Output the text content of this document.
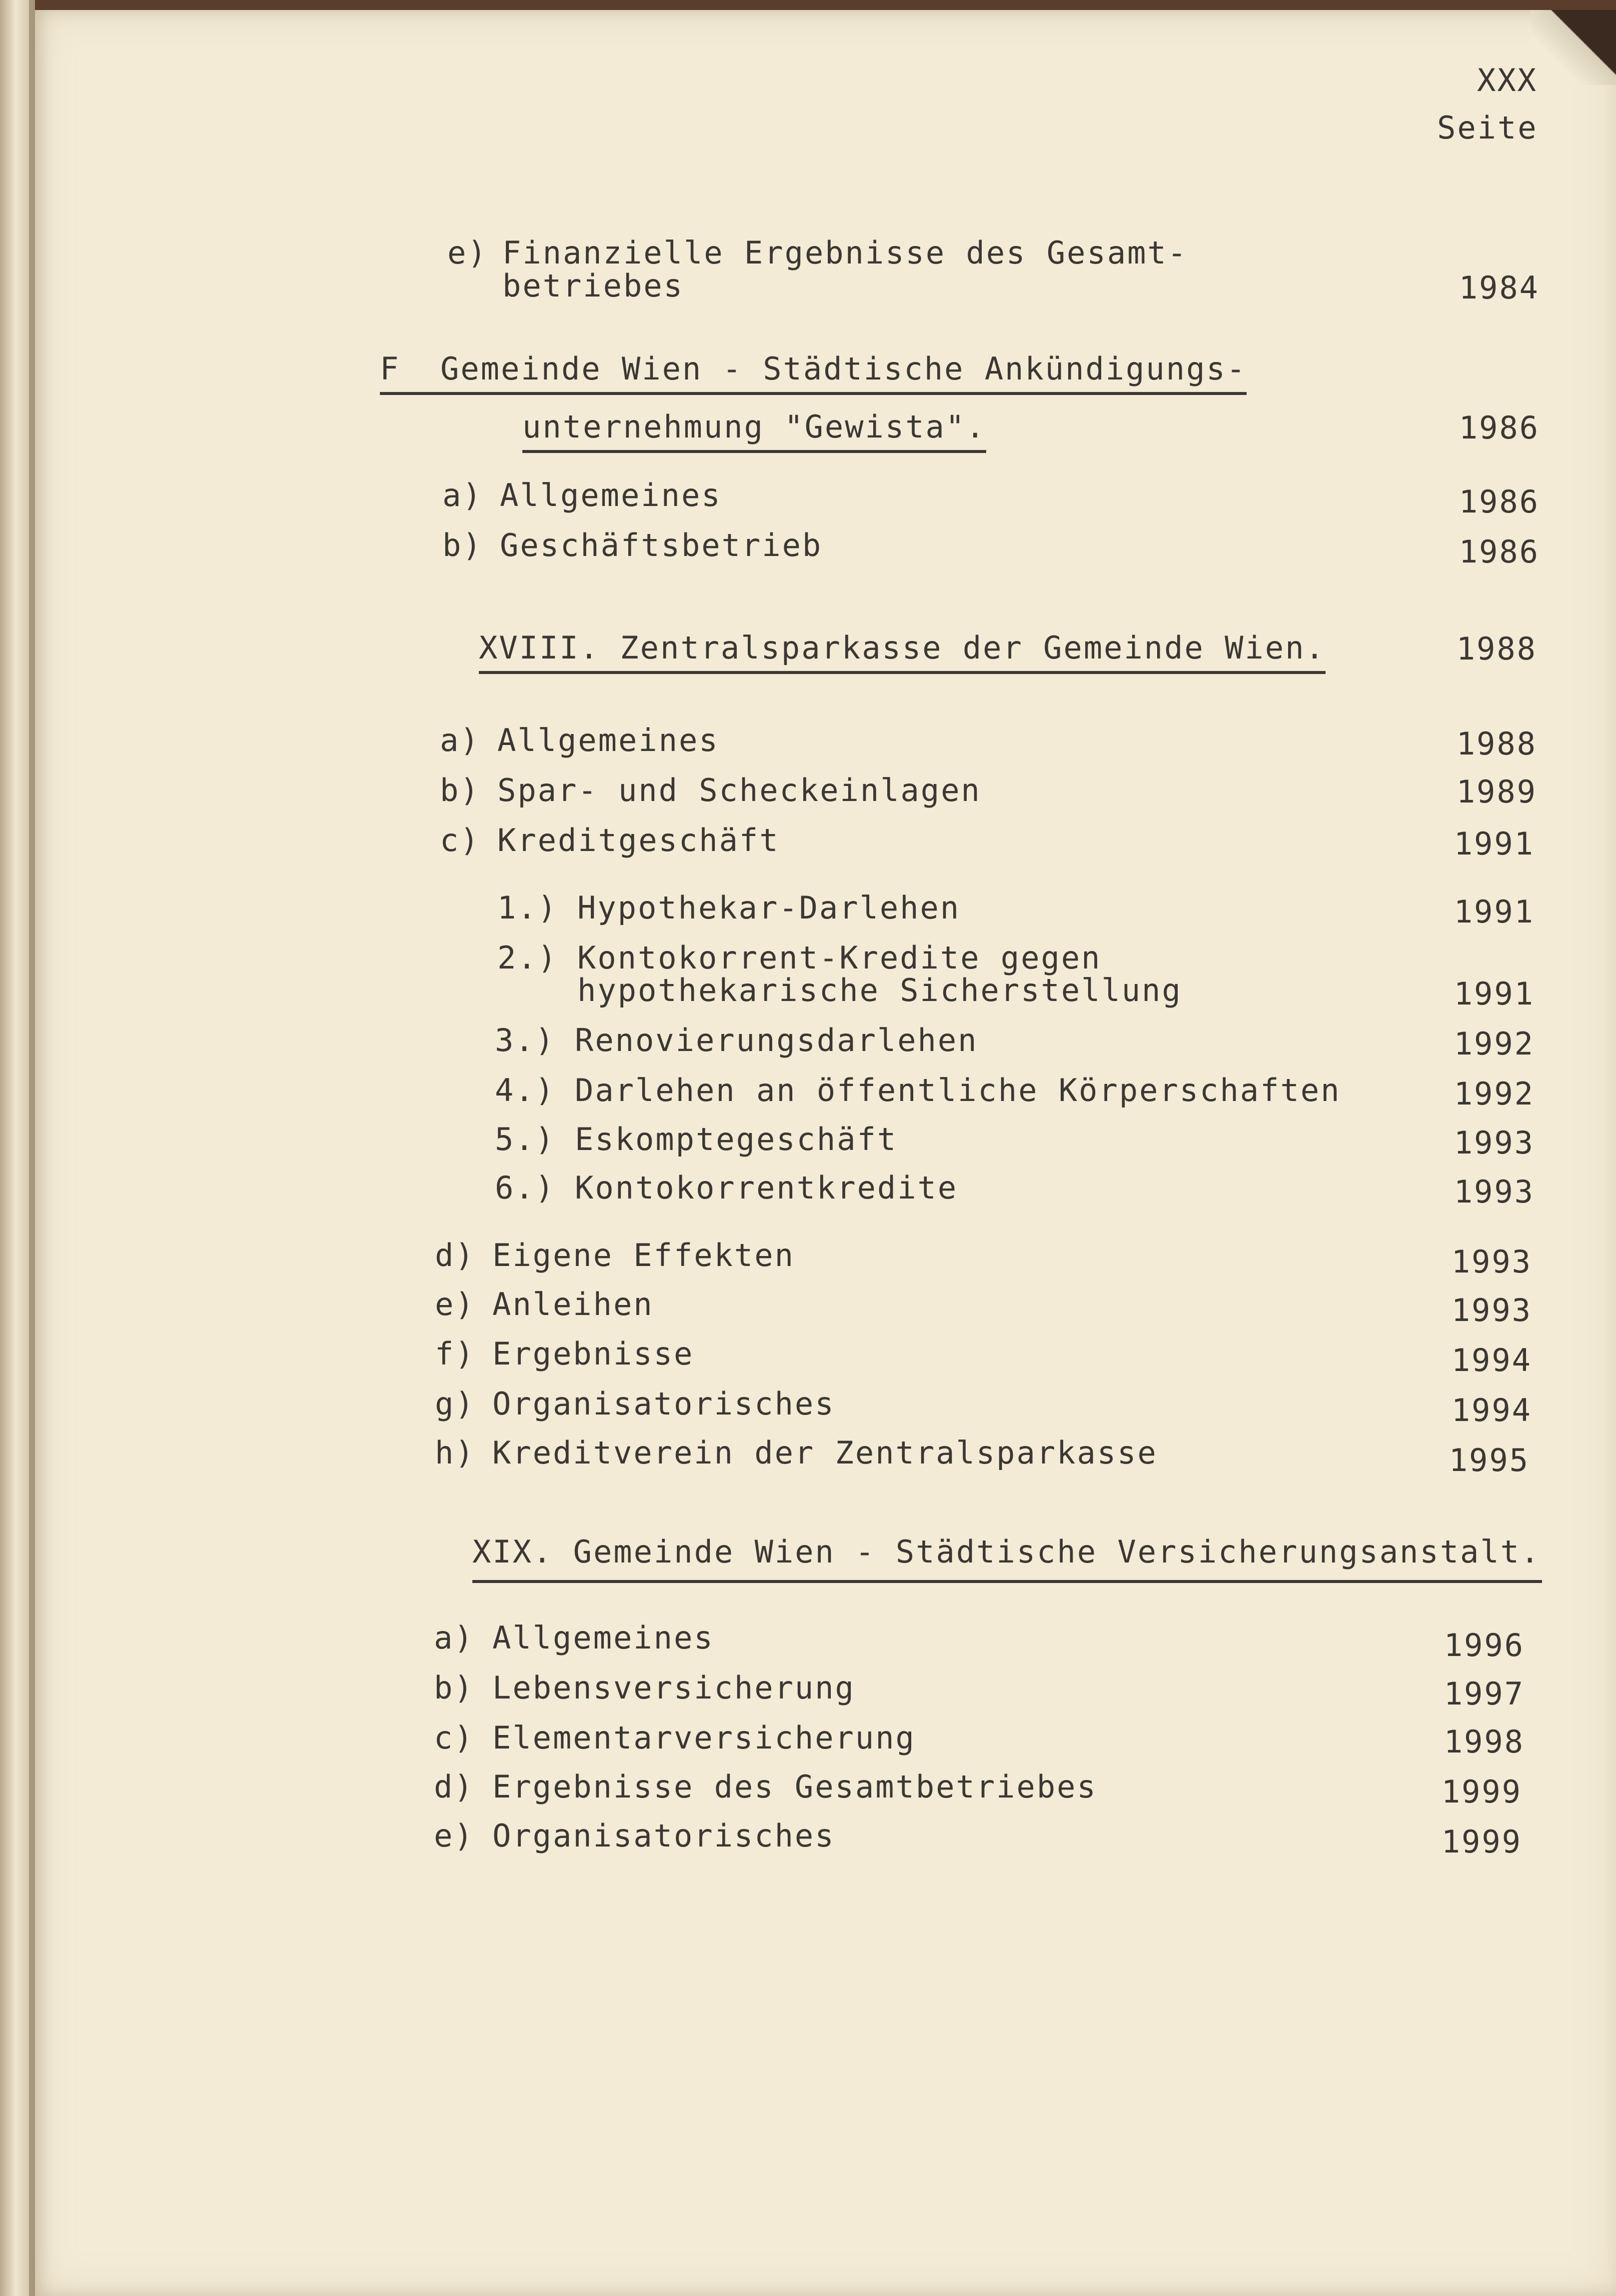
XXX
Seite
e) Finanzielle Ergebnisse des Gesamt-
betriebes	1984
F  Gemeinde Wien - Städtische Ankündigungs-
unternehmung "Gewista".	1986
a) Allgemeines	1986
b) Geschäftsbetrieb	1986
XVIII. Zentralsparkasse der Gemeinde Wien.	1988
a) Allgemeines	1988
b) Spar- und Scheckeinlagen	1989
c) Kreditgeschäft	1991
1.) Hypothekar-Darlehen	1991
2.) Kontokorrent-Kredite gegen
hypothekarische Sicherstellung	1991
3.) Renovierungsdarlehen	1992
4.) Darlehen an öffentliche Körperschaften	1992
5.) Eskomptegeschäft	1993
6.) Kontokorrentkredite	1993
d) Eigene Effekten	1993
e) Anleihen	1993
f) Ergebnisse	1994
g) Organisatorisches	1994
h) Kreditverein der Zentralsparkasse	1995
XIX. Gemeinde Wien - Städtische Versicherungsanstalt.
a) Allgemeines	1996
b) Lebensversicherung	1997
c) Elementarversicherung	1998
d) Ergebnisse des Gesamtbetriebes	1999
e) Organisatorisches	1999
